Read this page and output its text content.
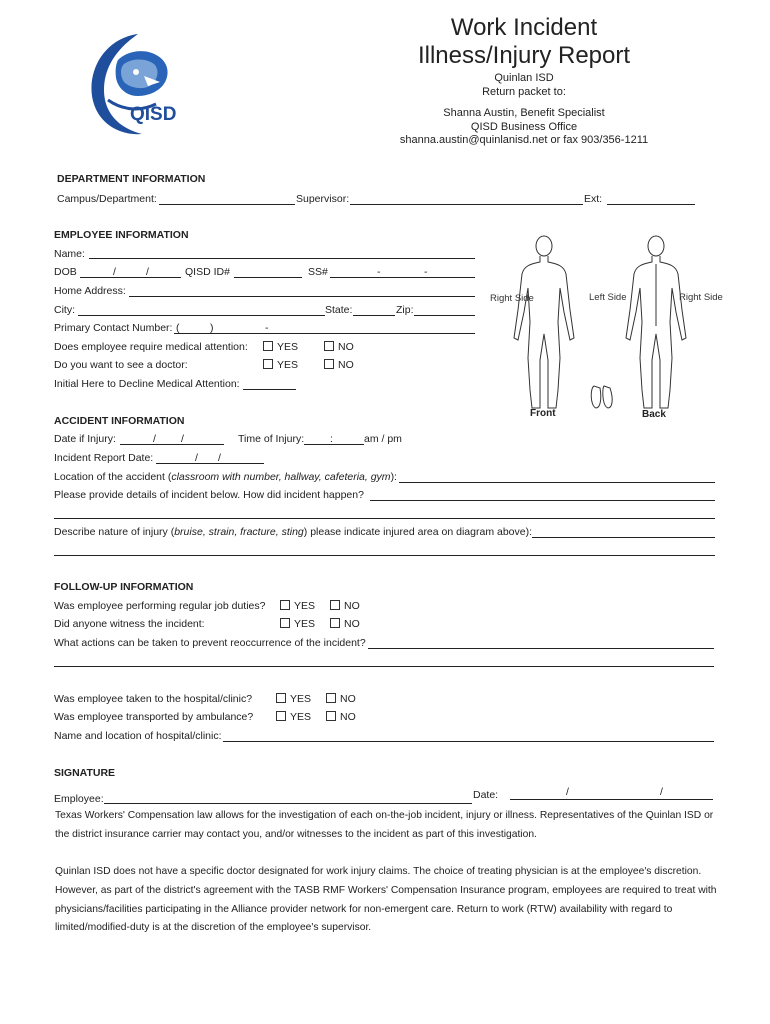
QISD
Work Incident
Illness/Injury Report
Quinlan ISD
Return packet to:
Shanna Austin, Benefit Specialist
QISD Business Office
shanna.austin@quinlanisd.net or fax 903/356-1211
DEPARTMENT INFORMATION
Campus/Department:	Supervisor:	Ext:
EMPLOYEE INFORMATION
Name:
DOB	/	/	QISD ID#	SS#	-	-
Home Address:
City:	State:	Zip:
Primary Contact Number: (	)	-
Does employee require medical attention:	YES	NO
Do you want to see a doctor:	YES	NO
Initial Here to Decline Medical Attention:
Right Side	Left Side	Right Side
Front	Back
ACCIDENT INFORMATION
Date if Injury:	/ /	Time of Injury: :	am / pm
Incident Report Date:	/ /
Location of the accident (classroom with number, hallway, cafeteria, gym):
Please provide details of incident below. How did incident happen?
Describe nature of injury (bruise, strain, fracture, sting) please indicate injured area on diagram above):
FOLLOW-UP INFORMATION
Was employee performing regular job duties?	YES	NO
Did anyone witness the incident:	YES	NO
What actions can be taken to prevent reoccurrence of the incident?
Was employee taken to the hospital/clinic?	YES	NO
Was employee transported by ambulance?	YES	NO
Name and location of hospital/clinic:
SIGNATURE
Employee:	Date:	/	/
Texas Workers' Compensation law allows for the investigation of each on-the-job incident, injury or illness. Representatives of the Quinlan ISD or
the district insurance carrier may contact you, and/or witnesses to the incident as part of this investigation.
Quinlan ISD does not have a specific doctor designated for work injury claims. The choice of treating physician is at the employee's discretion.
However, as part of the district's agreement with the TASB RMF Workers' Compensation Insurance program, employees are required to treat with
physicians/facilities participating in the Alliance provider network for non-emergent care. Return to work (RTW) availability with regard to
limited/modified-duty is at the discretion of the employee's supervisor.
